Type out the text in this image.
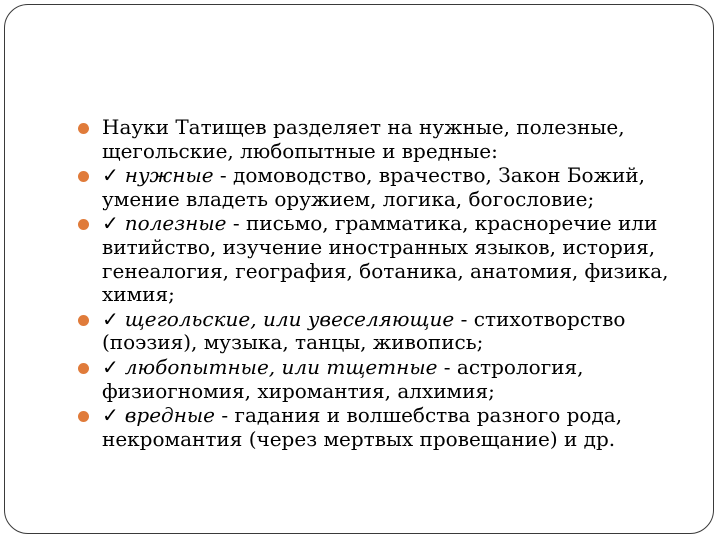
Науки Татищев разделяет на нужные, полезные, щегольские, любопытные и вредные:
✓ нужные - домоводство, врачество, Закон Божий, умение владеть оружием, логика, богословие;
✓ полезные - письмо, грамматика, красноречие или витийство, изучение иностранных языков, история, генеалогия, география, ботаника, анатомия, физика, химия;
✓ щегольские, или увеселяющие - стихотворство (поэзия), музыка, танцы, живопись;
✓ любопытные, или тщетные - астрология, физиогномия, хиромантия, алхимия;
✓ вредные - гадания и волшебства разного рода, некромантия (через мертвых провещание) и др.
